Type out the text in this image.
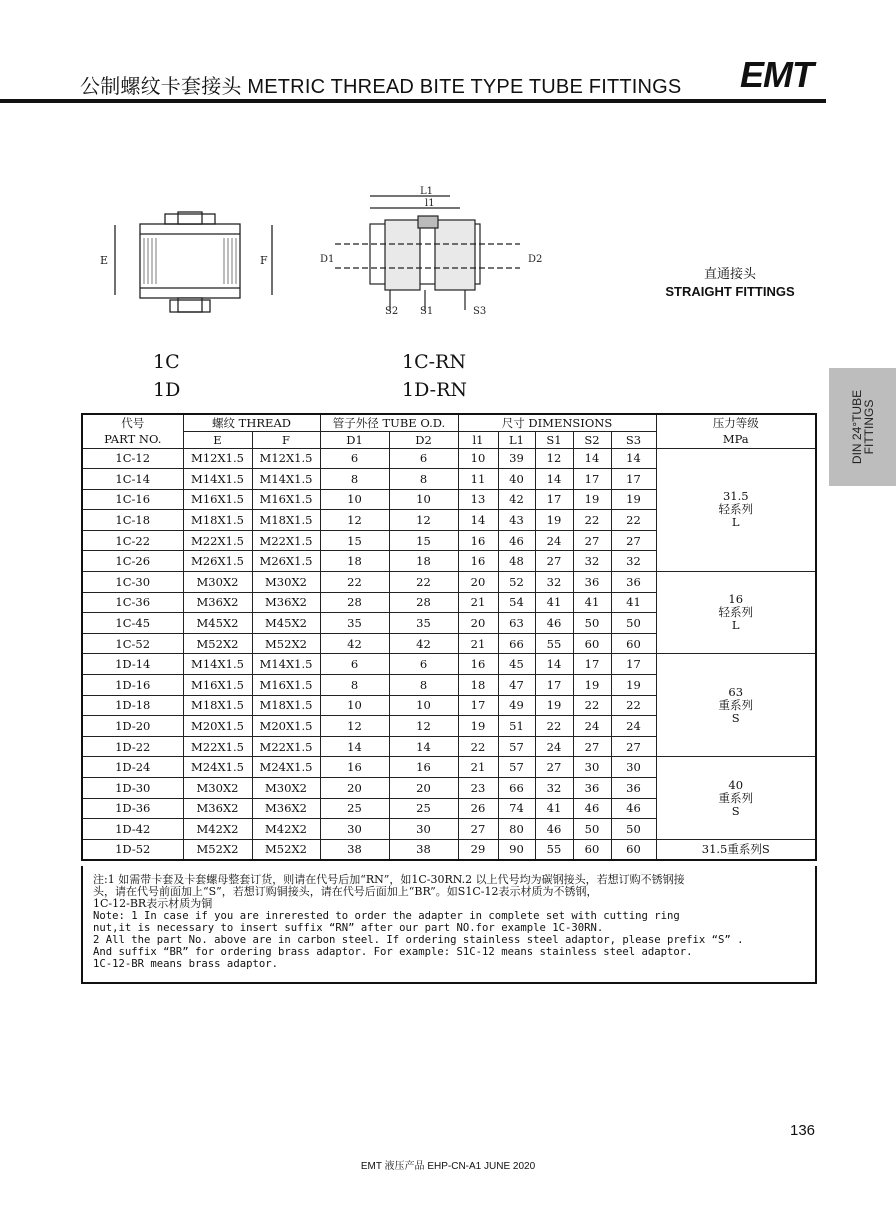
公制螺纹卡套接头 METRIC THREAD BITE TYPE TUBE FITTINGS EMT
DIN 24°TUBE
FITTINGS
E	F
L1
l1
D1	D2
S2 S1	S3
直通接头
STRAIGHT FITTINGS
1C
1D
1C-RN
1D-RN
代号	螺纹 THREAD		管子外径 TUBE O.D.		尺寸 DIMENSIONS					压力等级
PART NO.	E	F	D1	D2	l1	L1	S1	S2	S3	MPa
1C-12	M12X1.5	M12X1.5	6	6	10	39	12	14	14	31.5
轻系列
L

1C-14	M14X1.5	M14X1.5	8	8	11	40	14	17	17	
1C-16	M16X1.5	M16X1.5	10	10	13	42	17	19	19	
1C-18	M18X1.5	M18X1.5	12	12	14	43	19	22	22	
1C-22	M22X1.5	M22X1.5	15	15	16	46	24	27	27	
1C-26	M26X1.5	M26X1.5	18	18	16	48	27	32	32	
1C-30	M30X2	M30X2	22	22	20	52	32	36	36	16
轻系列
L

1C-36	M36X2	M36X2	28	28	21	54	41	41	41	
1C-45	M45X2	M45X2	35	35	20	63	46	50	50	
1C-52	M52X2	M52X2	42	42	21	66	55	60	60	
1D-14	M14X1.5	M14X1.5	6	6	16	45	14	17	17	63
重系列
S

1D-16	M16X1.5	M16X1.5	8	8	18	47	17	19	19	
1D-18	M18X1.5	M18X1.5	10	10	17	49	19	22	22	
1D-20	M20X1.5	M20X1.5	12	12	19	51	22	24	24	
1D-22	M22X1.5	M22X1.5	14	14	22	57	24	27	27	
1D-24	M24X1.5	M24X1.5	16	16	21	57	27	30	30	40
重系列
S

1D-30	M30X2	M30X2	20	20	23	66	32	36	36	
1D-36	M36X2	M36X2	25	25	26	74	41	46	46	
1D-42	M42X2	M42X2	30	30	27	80	46	50	50	
1D-52	M52X2	M52X2	38	38	29	90	55	60	60	31.5重系列S
注:1 如需带卡套及卡套螺母整套订货，则请在代号后加“RN”，如1C-30RN.2 以上代号均为碳钢接头，若想订购不锈钢接
头，请在代号前面加上“S”，若想订购铜接头，请在代号后面加上“BR”。如S1C-12表示材质为不锈钢，
1C-12-BR表示材质为铜
Note: 1 In case if you are inrerested to order the adapter in complete set with cutting ring
nut,it is necessary to insert suffix “RN” after our part NO.for example 1C-30RN.
2 All the part No. above are in carbon steel. If ordering stainless steel adaptor, please prefix “S” .
And suffix “BR” for ordering brass adaptor. For example: S1C-12 means stainless steel adaptor.
1C-12-BR means brass adaptor.
136
EMT 液压产品 EHP-CN-A1 JUNE 2020
